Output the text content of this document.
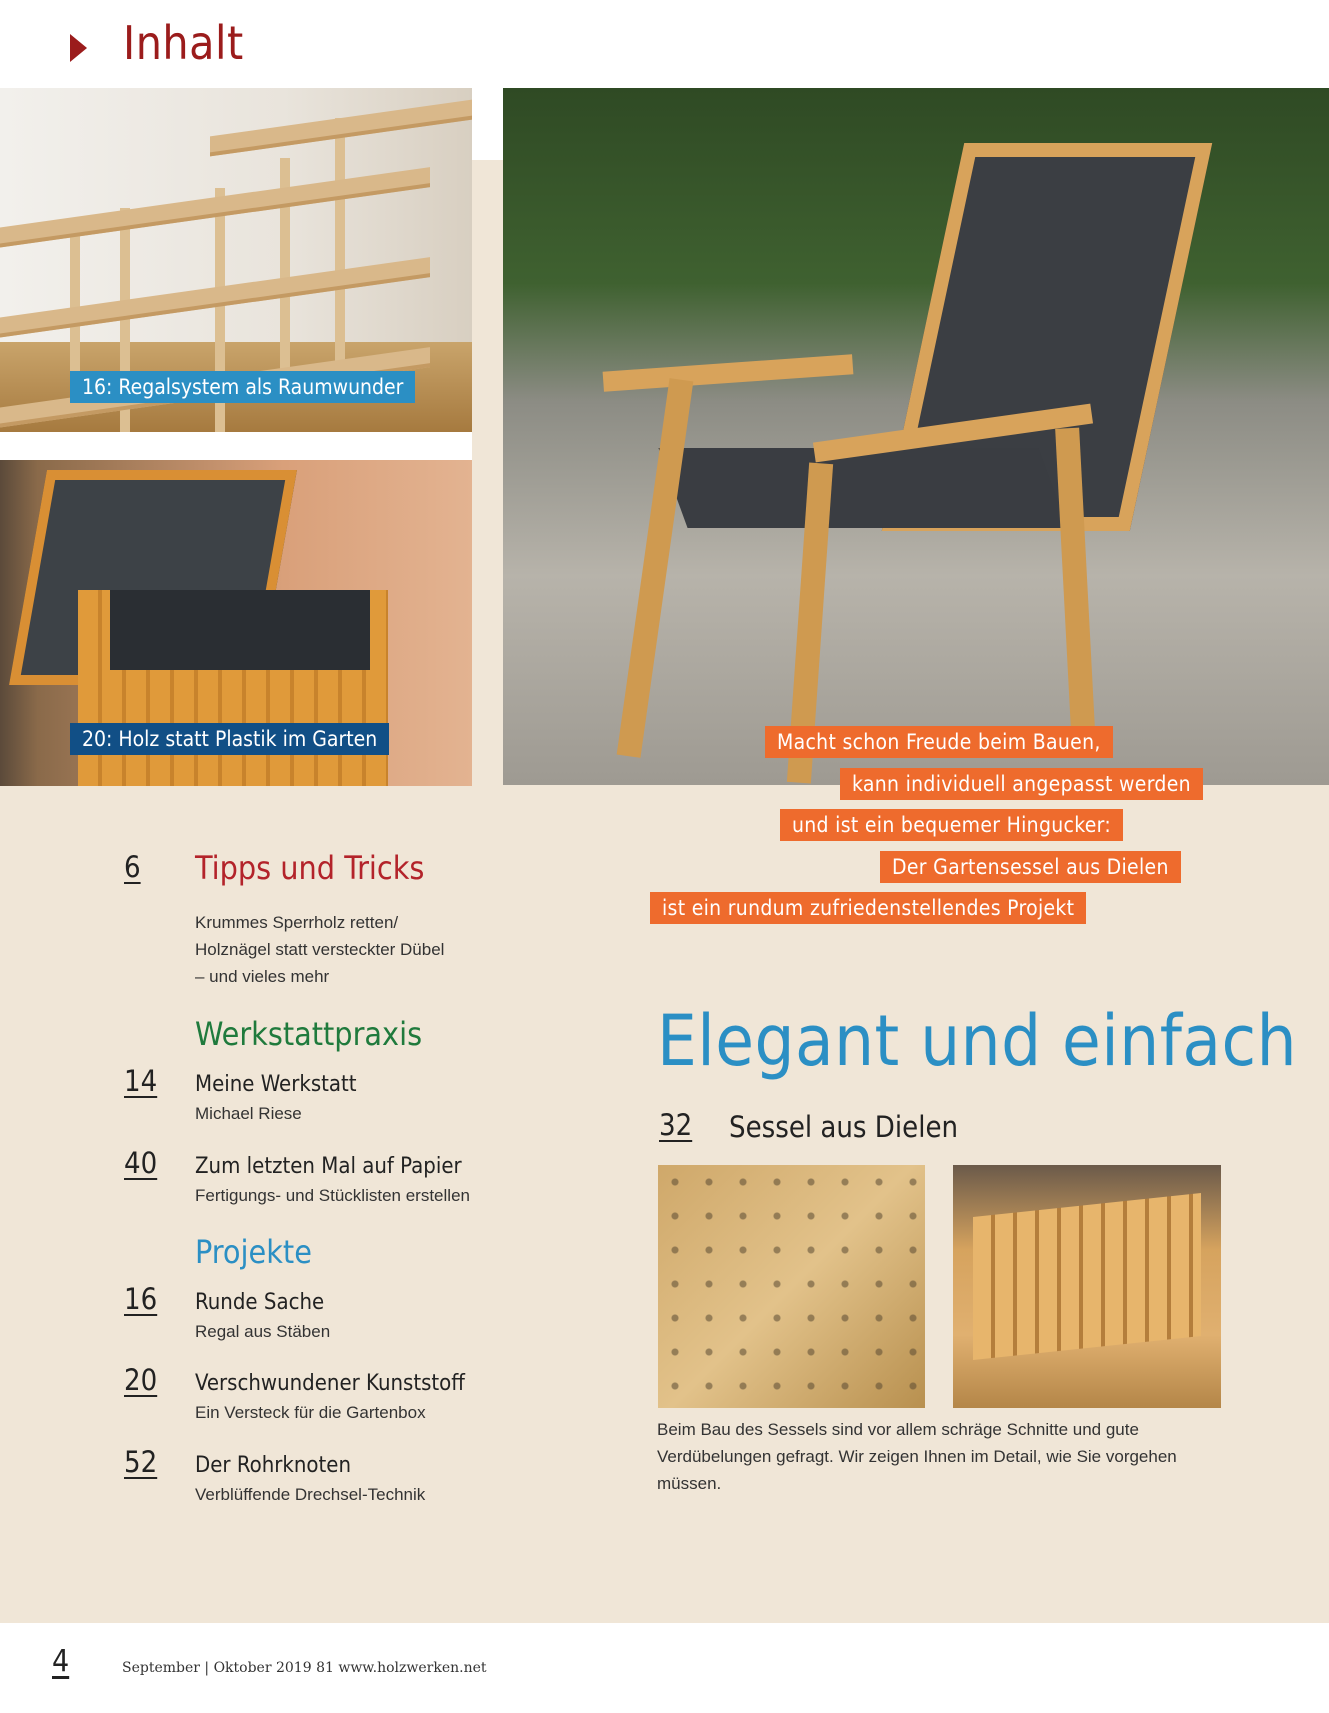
Inhalt
16: Regalsystem als Raumwunder
20: Holz statt Plastik im Garten	Macht schon Freude beim Bauen,
kann individuell angepasst werden
und ist ein bequemer Hingucker:
Der Gartensessel aus Dielen
ist ein rundum zufriedenstellendes Projekt
6 Tipps und Tricks
Krummes Sperrholz retten/
Holznägel statt versteckter Dübel
– und vieles mehr
Werkstattpraxis
14 Meine Werkstatt
Michael Riese
40 Zum letzten Mal auf Papier
Fertigungs- und Stücklisten erstellen
Projekte
16 Runde Sache
Regal aus Stäben
20 Verschwundener Kunststoff
Ein Versteck für die Gartenbox
52 Der Rohrknoten
Verblüffende Drechsel-Technik
Elegant und einfach
32 Sessel aus Dielen
Beim Bau des Sessels sind vor allem schräge Schnitte und gute Verdübelungen gefragt. Wir zeigen Ihnen im Detail, wie Sie vorgehen müssen.
4	September | Oktober 2019 81 www.holzwerken.net
